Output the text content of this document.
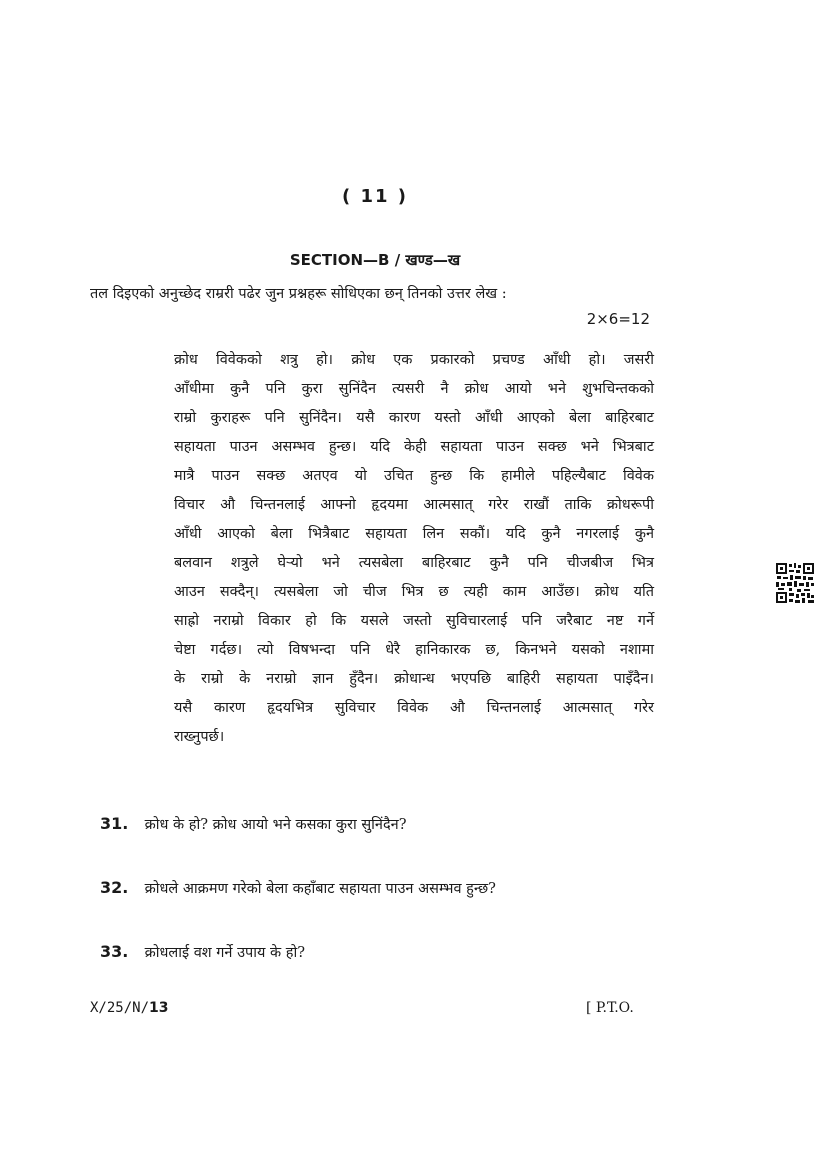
( 11 )
SECTION—B / खण्ड—ख
तल दिइएको अनुच्छेद राम्ररी पढेर जुन प्रश्नहरू सोधिएका छन् तिनको उत्तर लेख :
2×6=12
क्रोध विवेकको शत्रु हो। क्रोध एक प्रकारको प्रचण्ड आँधी हो। जसरी
आँधीमा कुनै पनि कुरा सुनिंदैन त्यसरी नै क्रोध आयो भने शुभचिन्तकको
राम्रो कुराहरू पनि सुनिंदैन। यसै कारण यस्तो आँधी आएको बेला बाहिरबाट
सहायता पाउन असम्भव हुन्छ। यदि केही सहायता पाउन सक्छ भने भित्रबाट
मात्रै पाउन सक्छ अतएव यो उचित हुन्छ कि हामीले पहिल्यैबाट विवेक
विचार औ चिन्तनलाई आफ्नो हृदयमा आत्मसात् गरेर राखौं ताकि क्रोधरूपी
आँधी आएको बेला भित्रैबाट सहायता लिन सकौं। यदि कुनै नगरलाई कुनै
बलवान शत्रुले घेर्‍यो भने त्यसबेला बाहिरबाट कुनै पनि चीजबीज भित्र
आउन सक्दैन्। त्यसबेला जो चीज भित्र छ त्यही काम आउँछ। क्रोध यति
साह्रो नराम्रो विकार हो कि यसले जस्तो सुविचारलाई पनि जरैबाट नष्ट गर्ने
चेष्टा गर्दछ। त्यो विषभन्दा पनि धेरै हानिकारक छ, किनभने यसको नशामा
के राम्रो के नराम्रो ज्ञान हुँदैन। क्रोधान्ध भएपछि बाहिरी सहायता पाइँदैन।
यसै कारण हृदयभित्र सुविचार विवेक औ चिन्तनलाई आत्मसात् गरेर
राख्नुपर्छ।
31. क्रोध के हो? क्रोध आयो भने कसका कुरा सुनिंदैन?
32. क्रोधले आक्रमण गरेको बेला कहाँबाट सहायता पाउन असम्भव हुन्छ?
33. क्रोधलाई वश गर्ने उपाय के हो?
X/25/N/13	[ P.T.O.
